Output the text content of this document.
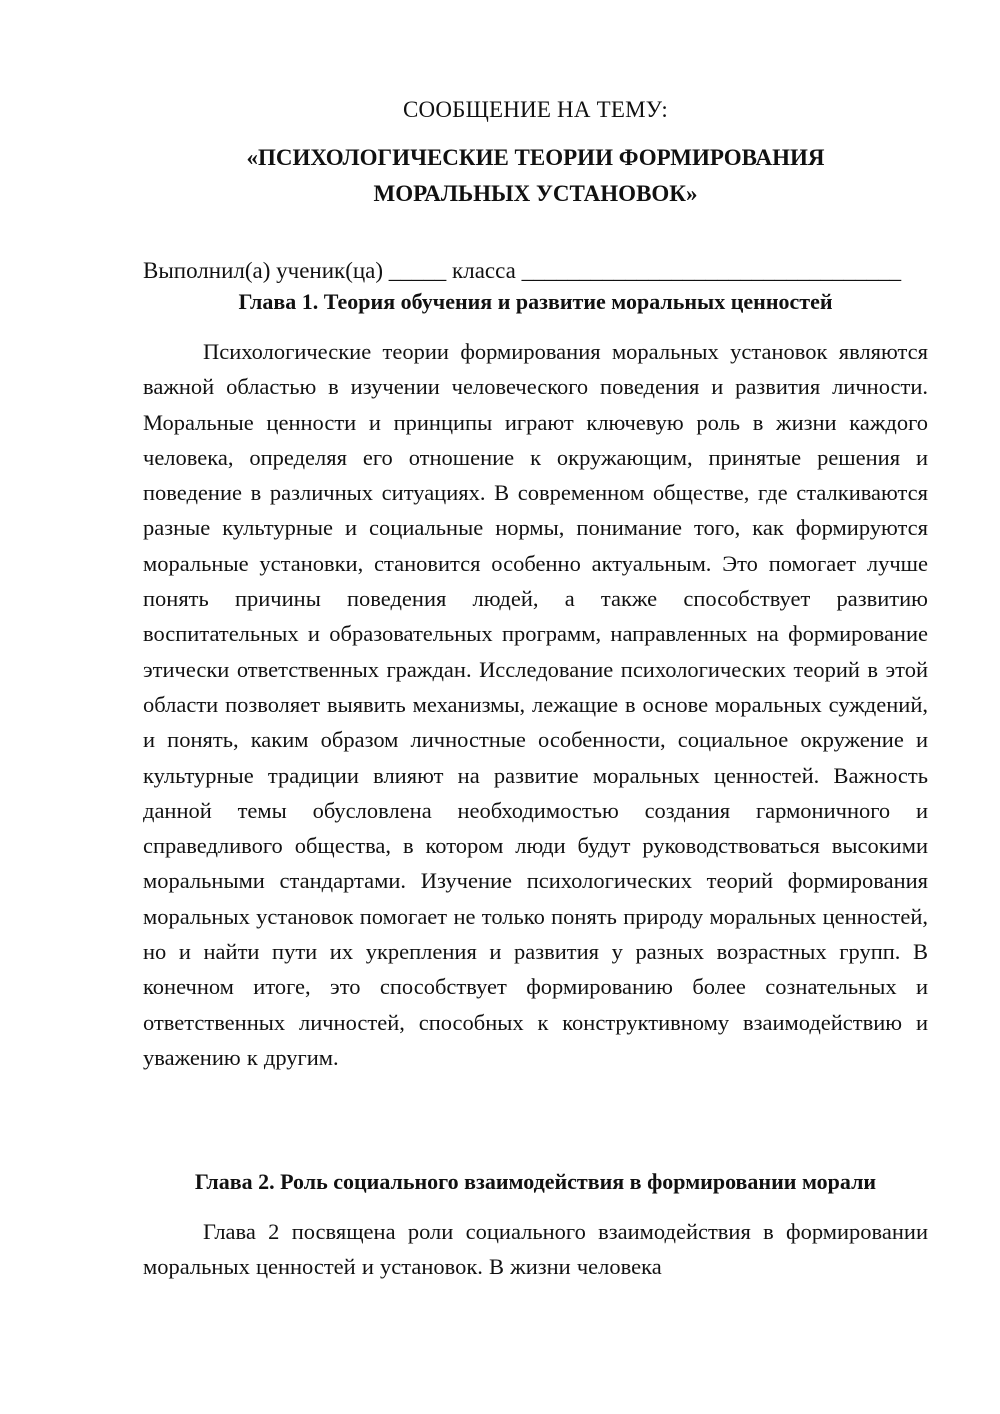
СООБЩЕНИЕ НА ТЕМУ:

«ПСИХОЛОГИЧЕСКИЕ ТЕОРИИ ФОРМИРОВАНИЯ
МОРАЛЬНЫХ УСТАНОВОК»

Выполнил(а) ученик(ца) _____ класса _________________________________

Глава 1. Теория обучения и развитие моральных ценностей

Психологические теории формирования моральных установок являются важной областью в изучении человеческого поведения и развития личности. Моральные ценности и принципы играют ключевую роль в жизни каждого человека, определяя его отношение к окружающим, принятые решения и поведение в различных ситуациях. В современном обществе, где сталкиваются разные культурные и социальные нормы, понимание того, как формируются моральные установки, становится особенно актуальным. Это помогает лучше понять причины поведения людей, а также способствует развитию воспитательных и образовательных программ, направленных на формирование этически ответственных граждан. Исследование психологических теорий в этой области позволяет выявить механизмы, лежащие в основе моральных суждений, и понять, каким образом личностные особенности, социальное окружение и культурные традиции влияют на развитие моральных ценностей. Важность данной темы обусловлена необходимостью создания гармоничного и справедливого общества, в котором люди будут руководствоваться высокими моральными стандартами. Изучение психологических теорий формирования моральных установок помогает не только понять природу моральных ценностей, но и найти пути их укрепления и развития у разных возрастных групп. В конечном итоге, это способствует формированию более сознательных и ответственных личностей, способных к конструктивному взаимодействию и уважению к другим.

Глава 2. Роль социального взаимодействия в формировании морали

Глава 2 посвящена роли социального взаимодействия в формировании моральных ценностей и установок. В жизни человека
